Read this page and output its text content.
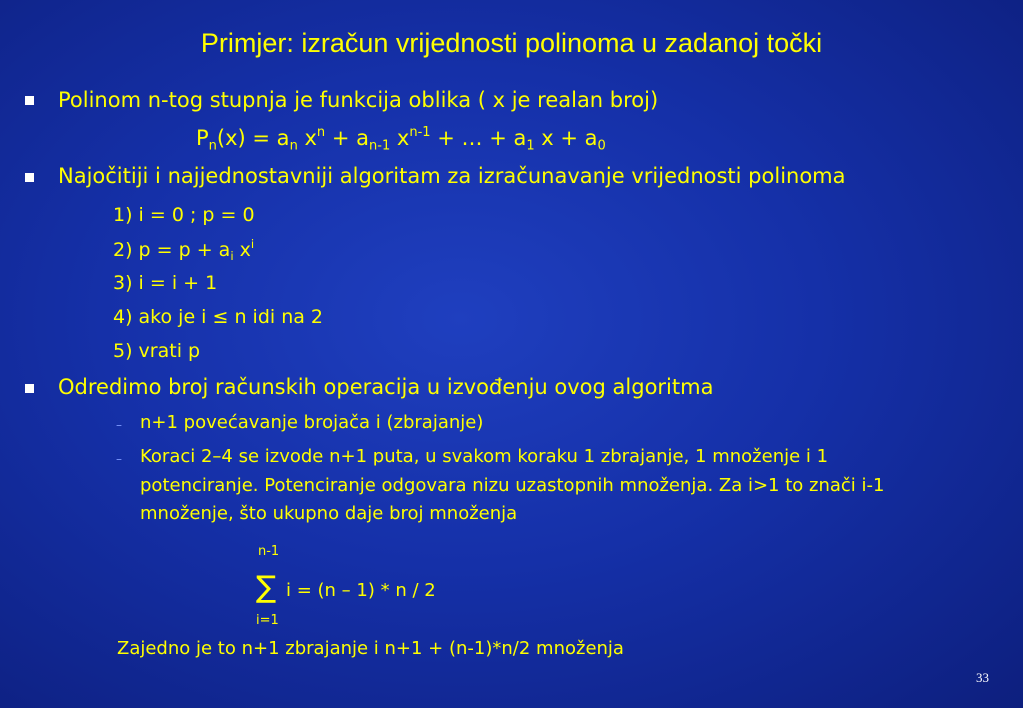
Primjer: izračun vrijednosti polinoma u zadanoj točki
Polinom n-tog stupnja je funkcija oblika ( x je realan broj)
$P_n(x) = a_n$ $x^n + a_{n-1}$ $x^{n-1}$ + … + $a_1$ $x + a_0$
Najočitiji i najjednostavniji algoritam za izračunavanje vrijednosti polinoma
1) i = 0 ; p = 0
2) $p = p + a_i$ $x^i$
3) i = i + 1
4) ako je i ≤ n idi na 2
5) vrati p
Odredimo broj računskih operacija u izvođenju ovog algoritma
– n+1 povećavanje brojača i (zbrajanje)
– Koraci 2–4 se izvode n+1 puta, u svakom koraku 1 zbrajanje, 1 množenje i 1
potenciranje. Potenciranje odgovara nizu uzastopnih množenja. Za i>1 to znači i-1
množenje, što ukupno daje broj množenja
n-1
∑ i = (n – 1) * n / 2
i=1
Zajedno je to n+1 zbrajanje i n+1 + (n-1)*n/2 množenja
33
